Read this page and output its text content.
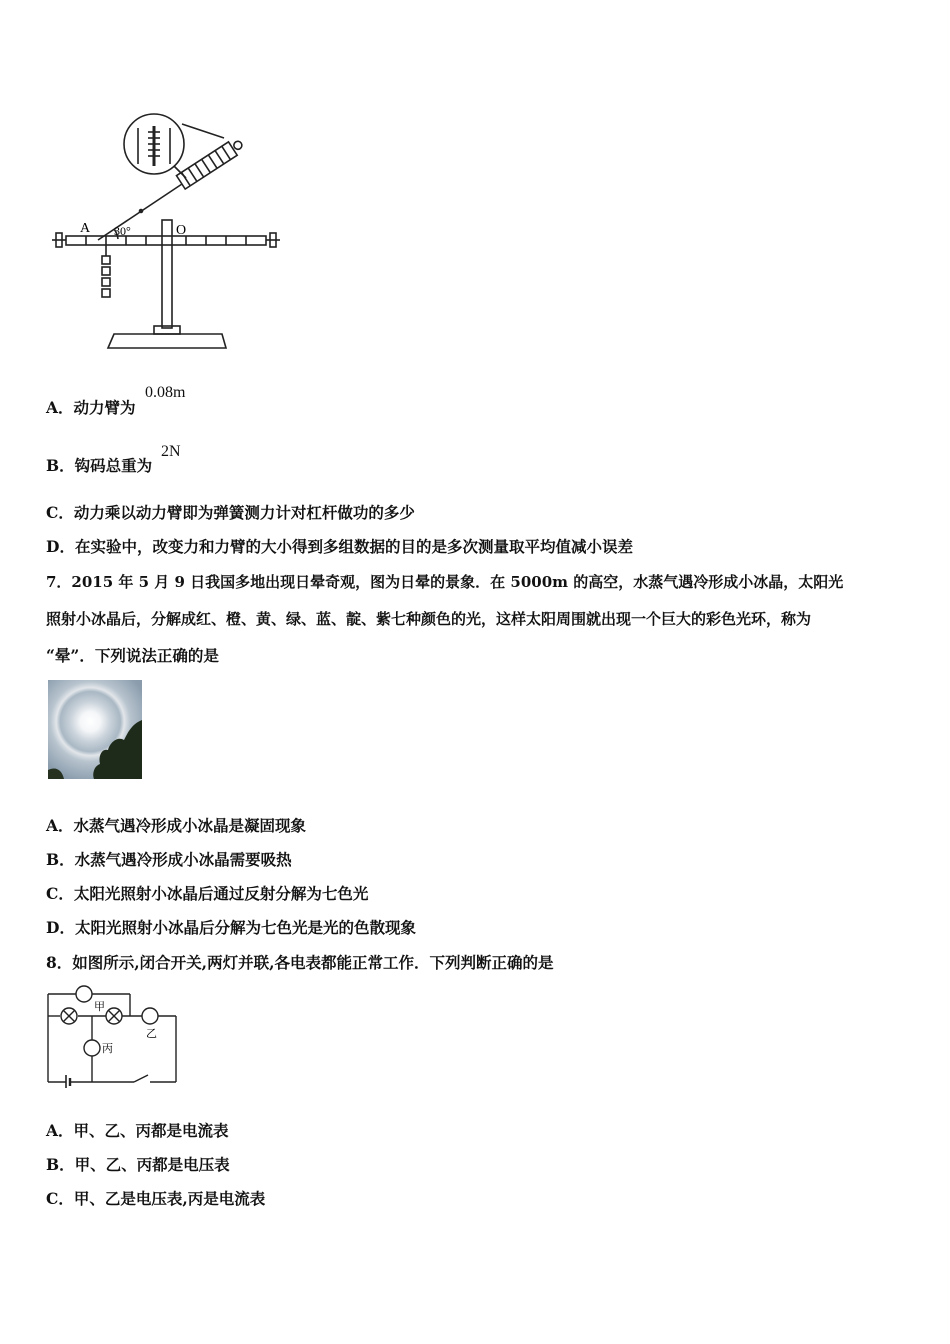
A 30°	O
A．动力臂为
0.08m
B．钩码总重为
2N
C．动力乘以动力臂即为弹簧测力计对杠杆做功的多少
D．在实验中，改变力和力臂的大小得到多组数据的目的是多次测量取平均值减小误差
7．2015 年 5 月 9 日我国多地出现日晕奇观，图为日晕的景象．在 5000m 的高空，水蒸气遇冷形成小冰晶，太阳光
照射小冰晶后，分解成红、橙、黄、绿、蓝、靛、紫七种颜色的光，这样太阳周围就出现一个巨大的彩色光环，称为
“晕”．下列说法正确的是
A．水蒸气遇冷形成小冰晶是凝固现象
B．水蒸气遇冷形成小冰晶需要吸热
C．太阳光照射小冰晶后通过反射分解为七色光
D．太阳光照射小冰晶后分解为七色光是光的色散现象
8．如图所示,闭合开关,两灯并联,各电表都能正常工作．下列判断正确的是
甲
乙
丙
A．甲、乙、丙都是电流表
B．甲、乙、丙都是电压表
C．甲、乙是电压表,丙是电流表
